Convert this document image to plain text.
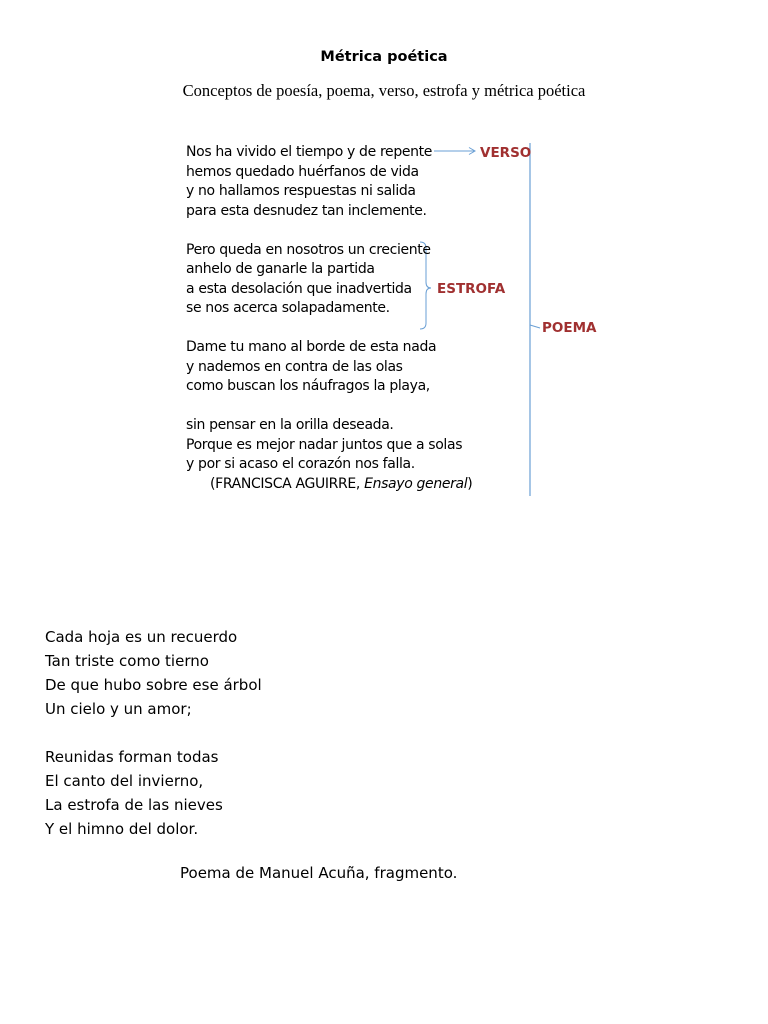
Métrica poética
Conceptos de poesía, poema, verso, estrofa y métrica poética
VERSO
ESTROFA
POEMA
Nos ha vivido el tiempo y de repente
hemos quedado huérfanos de vida
y no hallamos respuestas ni salida
para esta desnudez tan inclemente.
Pero queda en nosotros un creciente
anhelo de ganarle la partida
a esta desolación que inadvertida
se nos acerca solapadamente.
Dame tu mano al borde de esta nada
y nademos en contra de las olas
como buscan los náufragos la playa,
sin pensar en la orilla deseada.
Porque es mejor nadar juntos que a solas
y por si acaso el corazón nos falla.
(FRANCISCA AGUIRRE, Ensayo general)
Cada hoja es un recuerdo
Tan triste como tierno
De que hubo sobre ese árbol
Un cielo y un amor;
Reunidas forman todas
El canto del invierno,
La estrofa de las nieves
Y el himno del dolor.
Poema de Manuel Acuña, fragmento.
